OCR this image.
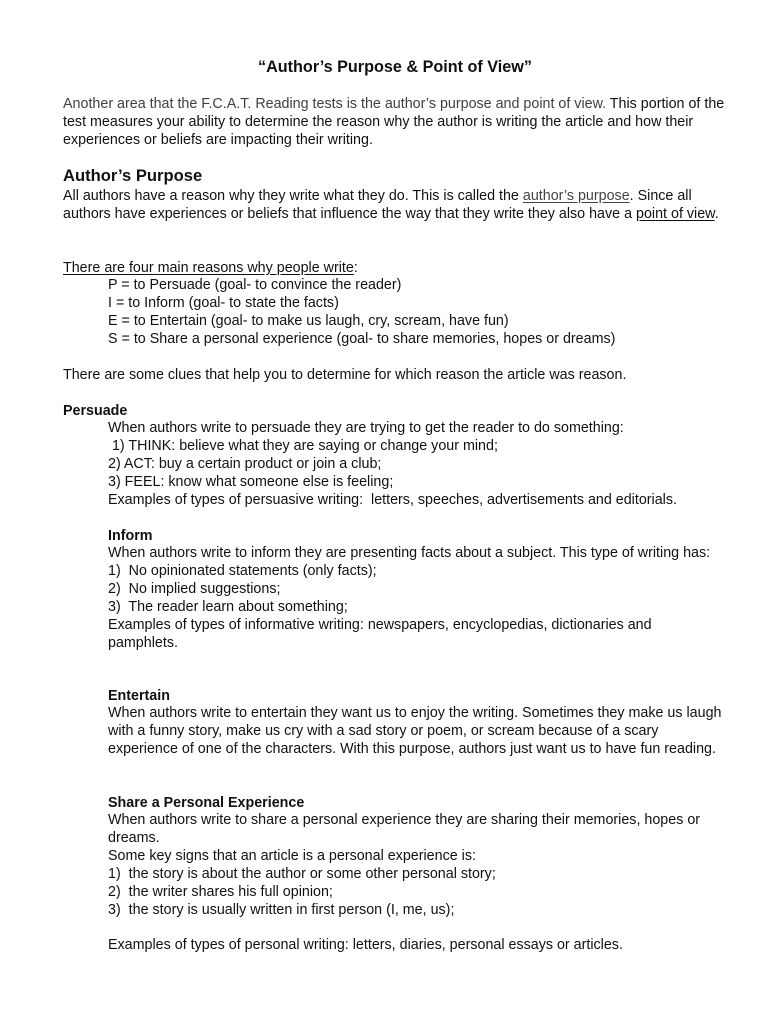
“Author’s Purpose & Point of View”

Another area that the F.C.A.T. Reading tests is the author’s purpose and point of view. This portion of the test measures your ability to determine the reason why the author is writing the article and how their experiences or beliefs are impacting their writing.

Author’s Purpose

All authors have a reason why they write what they do. This is called the author’s purpose. Since all authors have experiences or beliefs that influence the way that they write they also have a point of view.

There are four main reasons why people write:

P = to Persuade (goal- to convince the reader)

I = to Inform (goal- to state the facts)

E = to Entertain (goal- to make us laugh, cry, scream, have fun)

S = to Share a personal experience (goal- to share memories, hopes or dreams)

There are some clues that help you to determine for which reason the article was reason.

Persuade

When authors write to persuade they are trying to get the reader to do something:
1) THINK: believe what they are saying or change your mind;
2) ACT: buy a certain product or join a club;
3) FEEL: know what someone else is feeling;
Examples of types of persuasive writing:  letters, speeches, advertisements and editorials.

Inform

When authors write to inform they are presenting facts about a subject. This type of writing has:
1)  No opinionated statements (only facts);
2)  No implied suggestions;
3)  The reader learn about something;
Examples of types of informative writing: newspapers, encyclopedias, dictionaries and pamphlets.

Entertain

When authors write to entertain they want us to enjoy the writing. Sometimes they make us laugh with a funny story, make us cry with a sad story or poem, or scream because of a scary experience of one of the characters. With this purpose, authors just want us to have fun reading.

Share a Personal Experience

When authors write to share a personal experience they are sharing their memories, hopes or dreams.
Some key signs that an article is a personal experience is:
1)  the story is about the author or some other personal story;
2)  the writer shares his full opinion;
3)  the story is usually written in first person (I, me, us);

Examples of types of personal writing: letters, diaries, personal essays or articles.
